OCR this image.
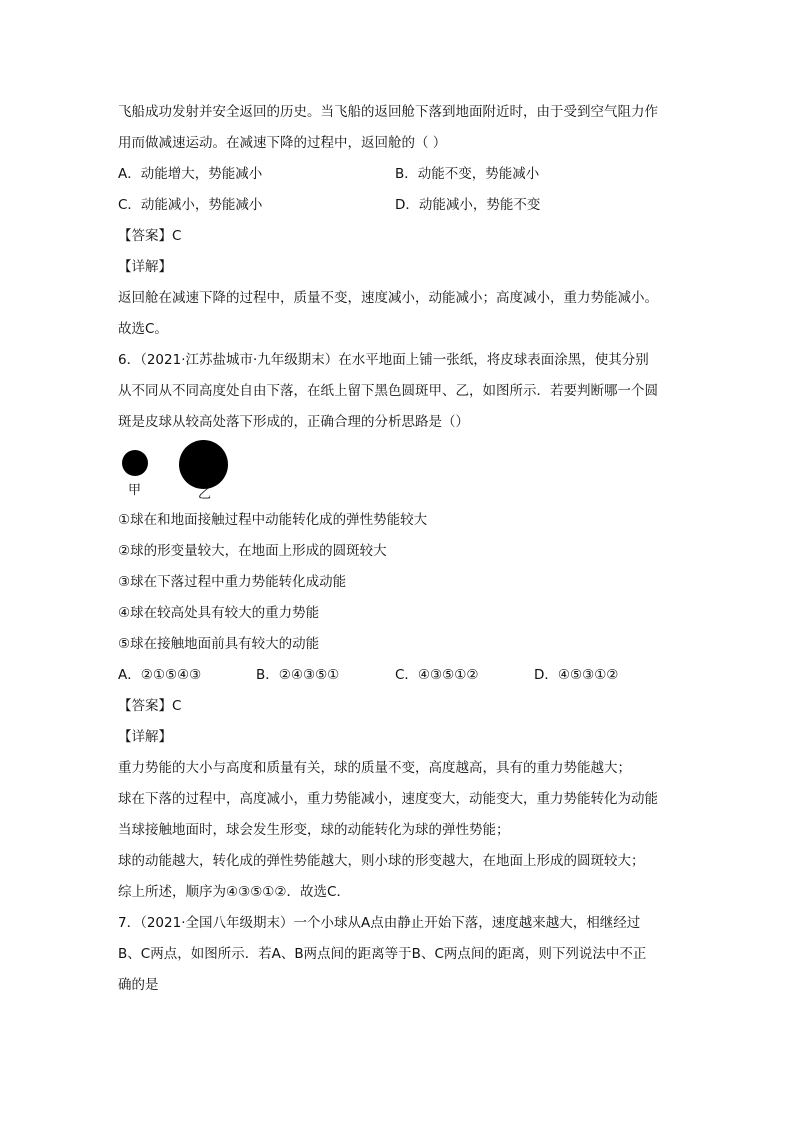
飞船成功发射并安全返回的历史。当飞船的返回舱下落到地面附近时，由于受到空气阻力作
用而做减速运动。在减速下降的过程中，返回舱的（ ）
A．动能增大，势能减小	B．动能不变，势能减小
C．动能减小，势能减小	D．动能减小，势能不变
【答案】C
【详解】
返回舱在减速下降的过程中，质量不变，速度减小，动能减小；高度减小，重力势能减小。
故选C。
6．（2021·江苏盐城市·九年级期末）在水平地面上铺一张纸，将皮球表面涂黑，使其分别
从不同从不同高度处自由下落，在纸上留下黑色圆斑甲、乙，如图所示．若要判断哪一个圆
斑是皮球从较高处落下形成的，正确合理的分析思路是（）
甲	乙
①球在和地面接触过程中动能转化成的弹性势能较大
②球的形变量较大，在地面上形成的圆斑较大
③球在下落过程中重力势能转化成动能
④球在较高处具有较大的重力势能
⑤球在接触地面前具有较大的动能
A．②①⑤④③	B．②④③⑤①	C．④③⑤①②	D．④⑤③①②
【答案】C
【详解】
重力势能的大小与高度和质量有关，球的质量不变，高度越高，具有的重力势能越大；
球在下落的过程中，高度减小，重力势能减小，速度变大，动能变大，重力势能转化为动能
当球接触地面时，球会发生形变，球的动能转化为球的弹性势能；
球的动能越大，转化成的弹性势能越大，则小球的形变越大，在地面上形成的圆斑较大；
综上所述，顺序为④③⑤①②．故选C．
7．（2021·全国八年级期末）一个小球从A点由静止开始下落，速度越来越大，相继经过
B、C两点，如图所示．若A、B两点间的距离等于B、C两点间的距离，则下列说法中不正
确的是
